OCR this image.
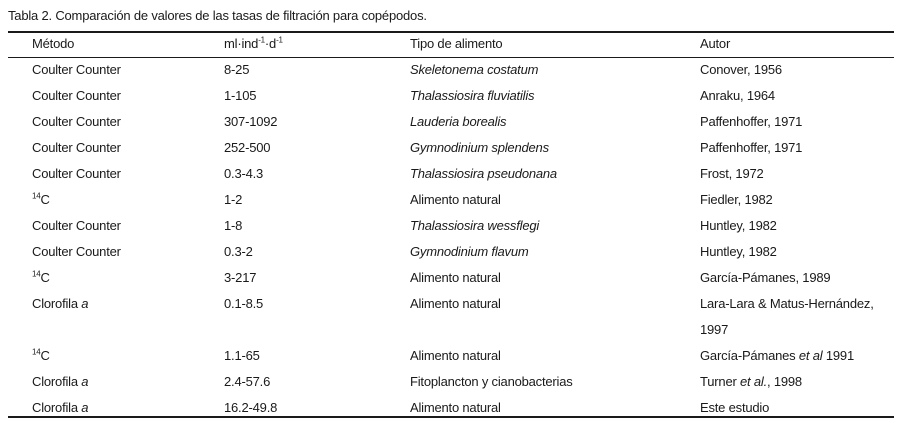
Tabla 2. Comparación de valores de las tasas de filtración para copépodos.
Método	$ml\cdot ind^{-1}\cdot d^{-1}$	Tipo de alimento	Autor
Coulter Counter	8-25	Skeletonema costatum	Conover, 1956
Coulter Counter	1-105	Thalassiosira fluviatilis	Anraku, 1964
Coulter Counter	307-1092	Lauderia borealis	Paffenhoffer, 1971
Coulter Counter	252-500	Gymnodinium splendens	Paffenhoffer, 1971
Coulter Counter	0.3-4.3	Thalassiosira pseudonana	Frost, 1972
$^{14}$C	1-2	Alimento natural	Fiedler, 1982
Coulter Counter	1-8	Thalassiosira wessflegi	Huntley, 1982
Coulter Counter	0.3-2	Gymnodinium flavum	Huntley, 1982
$^{14}$C	3-217	Alimento natural	García-Pámanes, 1989
Clorofila a	0.1-8.5	Alimento natural	Lara-Lara & Matus-Hernández, 1997
$^{14}$C	1.1-65	Alimento natural	García-Pámanes et al 1991
Clorofila a	2.4-57.6	Fitoplancton y cianobacterias	Turner et al., 1998
Clorofila a	16.2-49.8	Alimento natural	Este estudio
